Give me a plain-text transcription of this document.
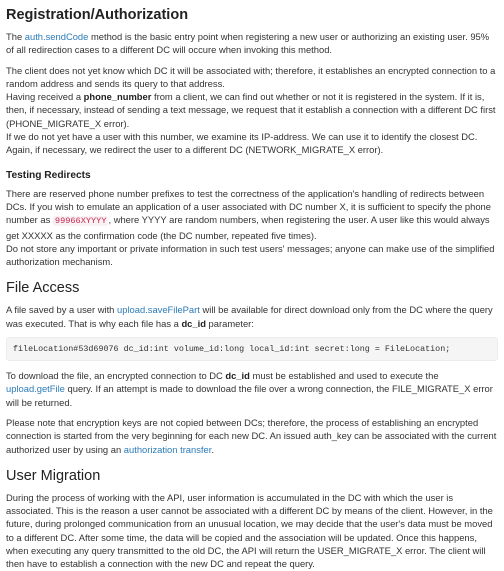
Registration/Authorization

The auth.sendCode method is the basic entry point when registering a new user or authorizing an existing user. 95% of all redirection cases to a different DC will occure when invoking this method.

The client does not yet know which DC it will be associated with; therefore, it establishes an encrypted connection to a random address and sends its query to that address.
Having received a phone_number from a client, we can find out whether or not it is registered in the system. If it is, then, if necessary, instead of sending a text message, we request that it establish a connection with a different DC first (PHONE_MIGRATE_X error).
If we do not yet have a user with this number, we examine its IP-address. We can use it to identify the closest DC. Again, if necessary, we redirect the user to a different DC (NETWORK_MIGRATE_X error).

Testing Redirects

There are reserved phone number prefixes to test the correctness of the application's handling of redirects between DCs. If you wish to emulate an application of a user associated with DC number X, it is sufficient to specify the phone number as 99966XYYYY , where YYYY are random numbers, when registering the user. A user like this would always get XXXXX as the confirmation code (the DC number, repeated five times).
Do not store any important or private information in such test users' messages; anyone can make use of the simplified authorization mechanism.

File Access

A file saved by a user with upload.saveFilePart will be available for direct download only from the DC where the query was executed. That is why each file has a dc_id parameter:

fileLocation#53d69076 dc_id:int volume_id:long local_id:int secret:long = FileLocation;

To download the file, an encrypted connection to DC dc_id must be established and used to execute the upload.getFile query. If an attempt is made to download the file over a wrong connection, the FILE_MIGRATE_X error will be returned.

Please note that encryption keys are not copied between DCs; therefore, the process of establishing an encrypted connection is started from the very beginning for each new DC. An issued auth_key can be associated with the current authorized user by using an authorization transfer.

User Migration

During the process of working with the API, user information is accumulated in the DC with which the user is associated. This is the reason a user cannot be associated with a different DC by means of the client. However, in the future, during prolonged communication from an unusual location, we may decide that the user's data must be moved to a different DC. After some time, the data will be copied and the association will be updated. Once this happens, when executing any query transmitted to the old DC, the API will return the USER_MIGRATE_X error. The client will then have to establish a connection with the new DC and repeat the query.
